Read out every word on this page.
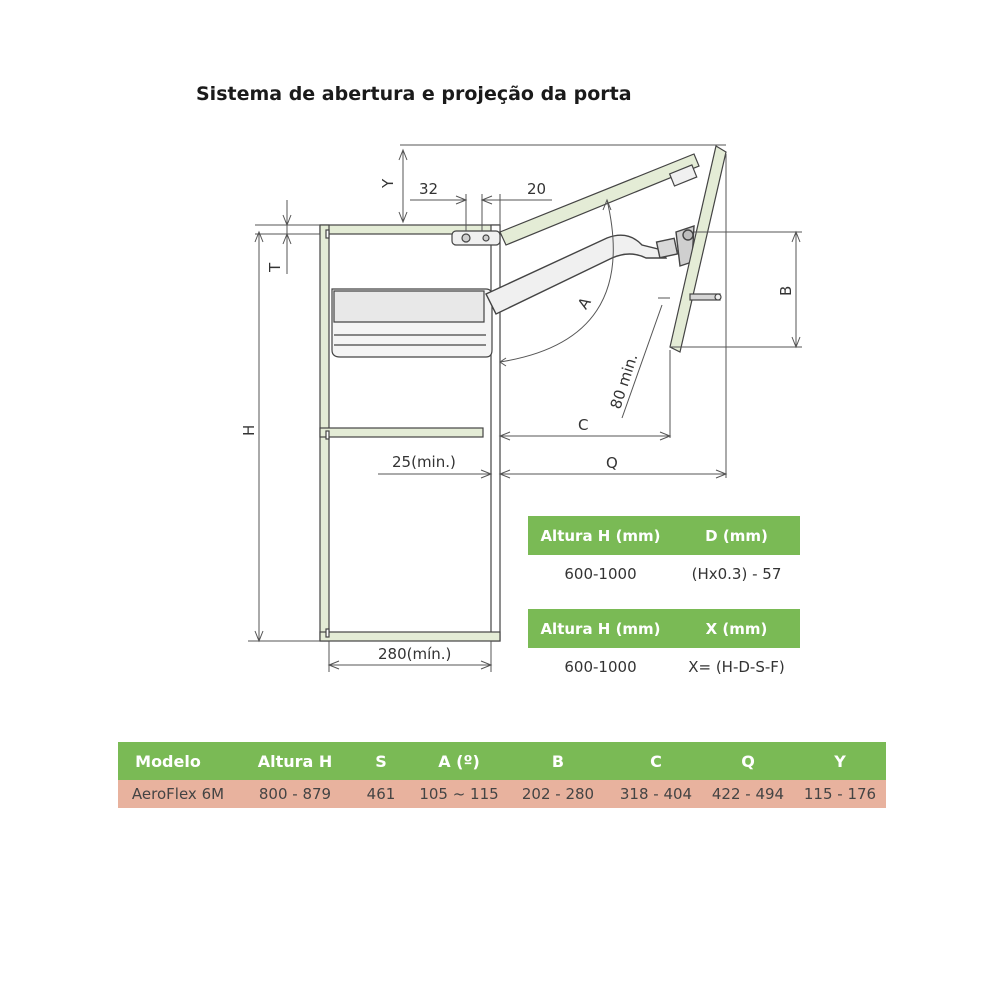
Sistema de abertura e projeção da porta
Y
T
H
32	20
A
B
80 min.
C
Q
25(min.)
280(mín.)
Altura H (mm)	D (mm)
600-1000	(Hx0.3) - 57
Altura H (mm)	X (mm)
600-1000	X= (H-D-S-F)
Modelo	Altura H	S	A (º)	B	C	Q	Y
AeroFlex 6M	800 - 879	461	105 ~ 115	202 - 280	318 - 404	422 - 494	115 - 176
